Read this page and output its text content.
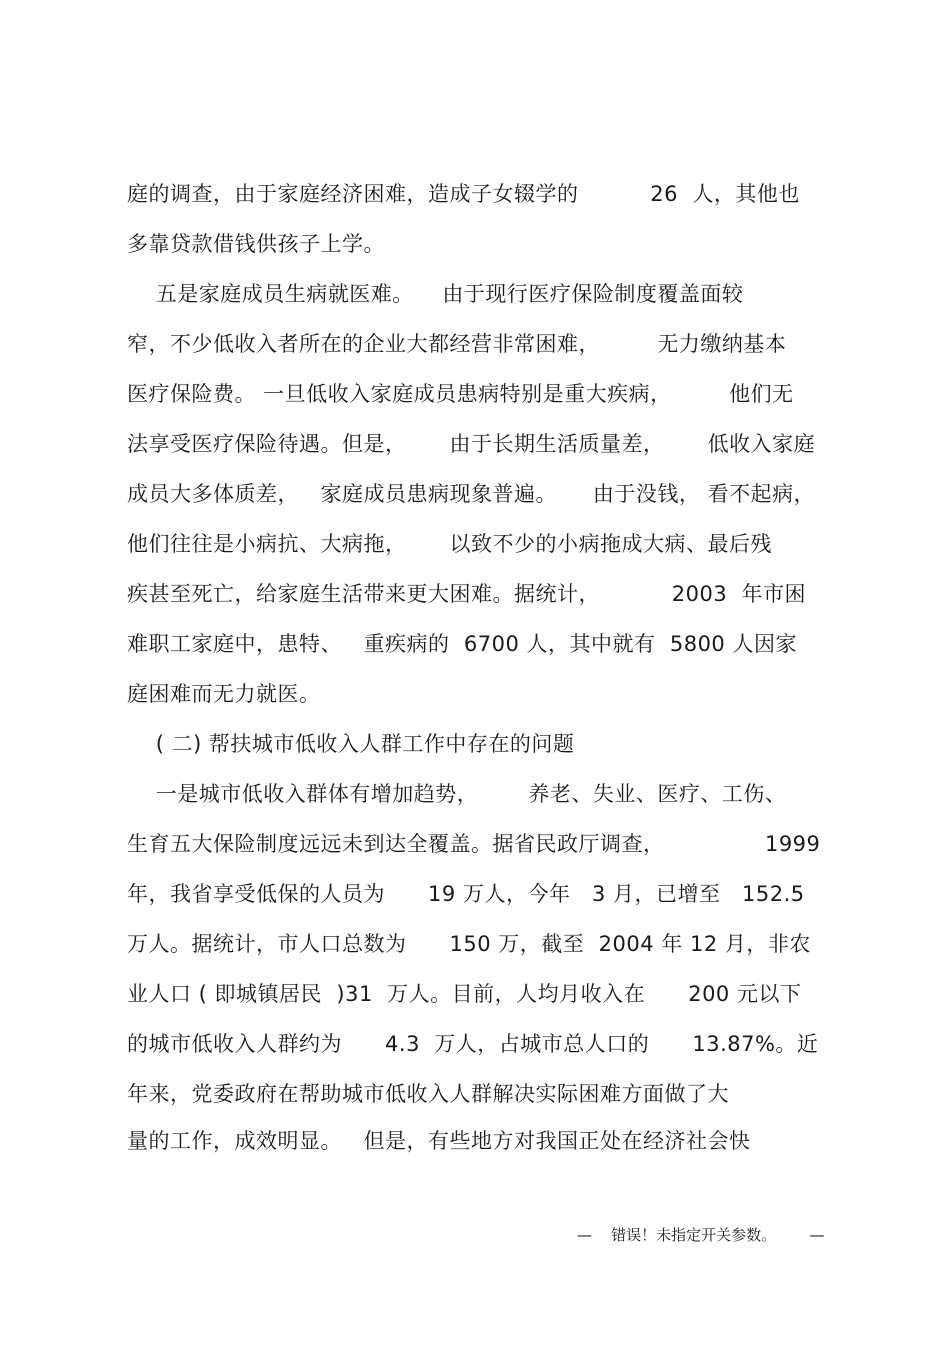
庭的调查，由于家庭经济困难，造成子女辍学的          26  人，其他也
多靠贷款借钱供孩子上学。
五是家庭成员生病就医难。    由于现行医疗保险制度覆盖面较
窄，不少低收入者所在的企业大都经营非常困难，        无力缴纳基本
医疗保险费。 一旦低收入家庭成员患病特别是重大疾病，        他们无
法享受医疗保险待遇。但是，      由于长期生活质量差，      低收入家庭
成员大多体质差，   家庭成员患病现象普遍。     由于没钱， 看不起病，
他们往往是小病抗、大病拖，      以致不少的小病拖成大病、最后残
疾甚至死亡，给家庭生活带来更大困难。据统计，          2003  年市困
难职工家庭中，患特、   重疾病的  6700 人，其中就有  5800 人因家
庭困难而无力就医。
( 二) 帮扶城市低收入人群工作中存在的问题
一是城市低收入群体有增加趋势，       养老、失业、医疗、工伤、
生育五大保险制度远远未到达全覆盖。据省民政厅调查，              1999
年，我省享受低保的人员为      19 万人，今年   3 月，已增至   152.5
万人。据统计，市人口总数为      150 万，截至  2004 年 12 月，非农
业人口 ( 即城镇居民  )31  万人。目前，人均月收入在      200 元以下
的城市低收入人群约为      4.3  万人，占城市总人口的      13.87%。近
年来，党委政府在帮助城市低收入人群解决实际困难方面做了大
量的工作，成效明显。   但是，有些地方对我国正处在经济社会快
—    错误！未指定开关参数。       —
